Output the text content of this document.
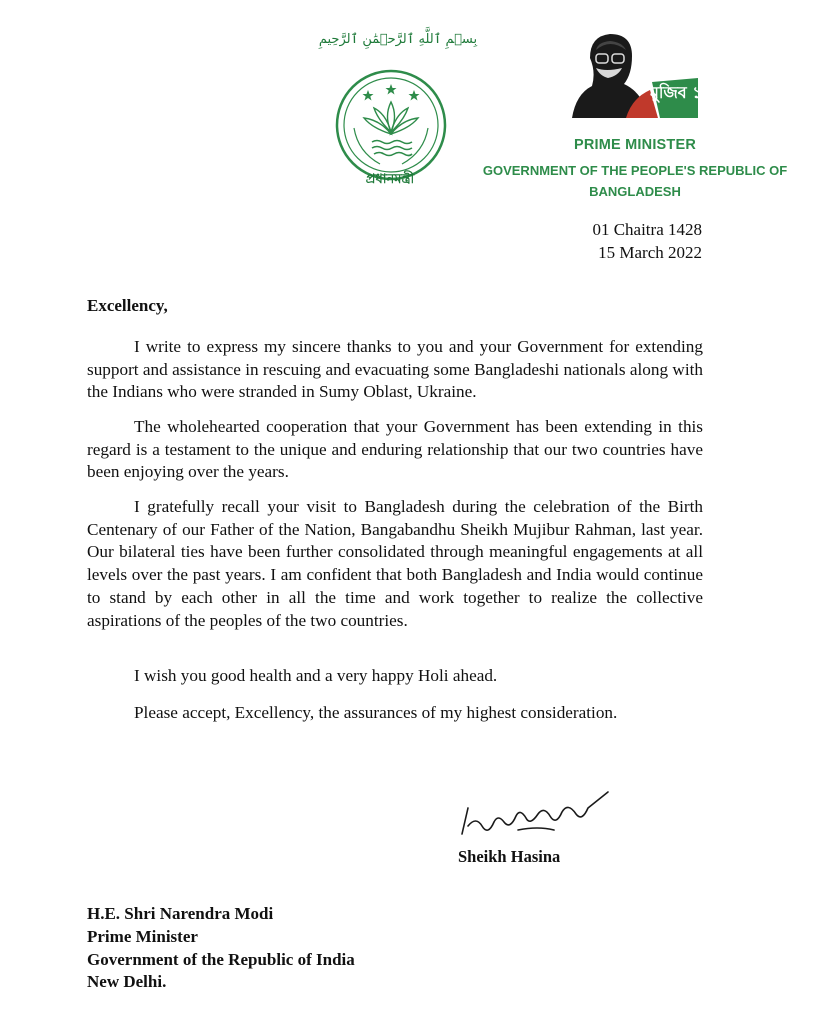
بِسۡمِ ٱللَّهِ ٱلرَّحۡمَٰنِ ٱلرَّحِيمِ
প্রধানমন্ত্রী
মুজিব ১০০
PRIME MINISTER
GOVERNMENT OF THE PEOPLE'S REPUBLIC OF
BANGLADESH
01 Chaitra 1428
15 March 2022
Excellency,
I write to express my sincere thanks to you and your Government for extending support and assistance in rescuing and evacuating some Bangladeshi nationals along with the Indians who were stranded in Sumy Oblast, Ukraine.
The wholehearted cooperation that your Government has been extending in this regard is a testament to the unique and enduring relationship that our two countries have been enjoying over the years.
I gratefully recall your visit to Bangladesh during the celebration of the Birth Centenary of our Father of the Nation, Bangabandhu Sheikh Mujibur Rahman, last year. Our bilateral ties have been further consolidated through meaningful engagements at all levels over the past years. I am confident that both Bangladesh and India would continue to stand by each other in all the time and work together to realize the collective aspirations of the peoples of the two countries.
I wish you good health and a very happy Holi ahead.
Please accept, Excellency, the assurances of my highest consideration.
Sheikh Hasina
H.E. Shri Narendra Modi
Prime Minister
Government of the Republic of India
New Delhi.
